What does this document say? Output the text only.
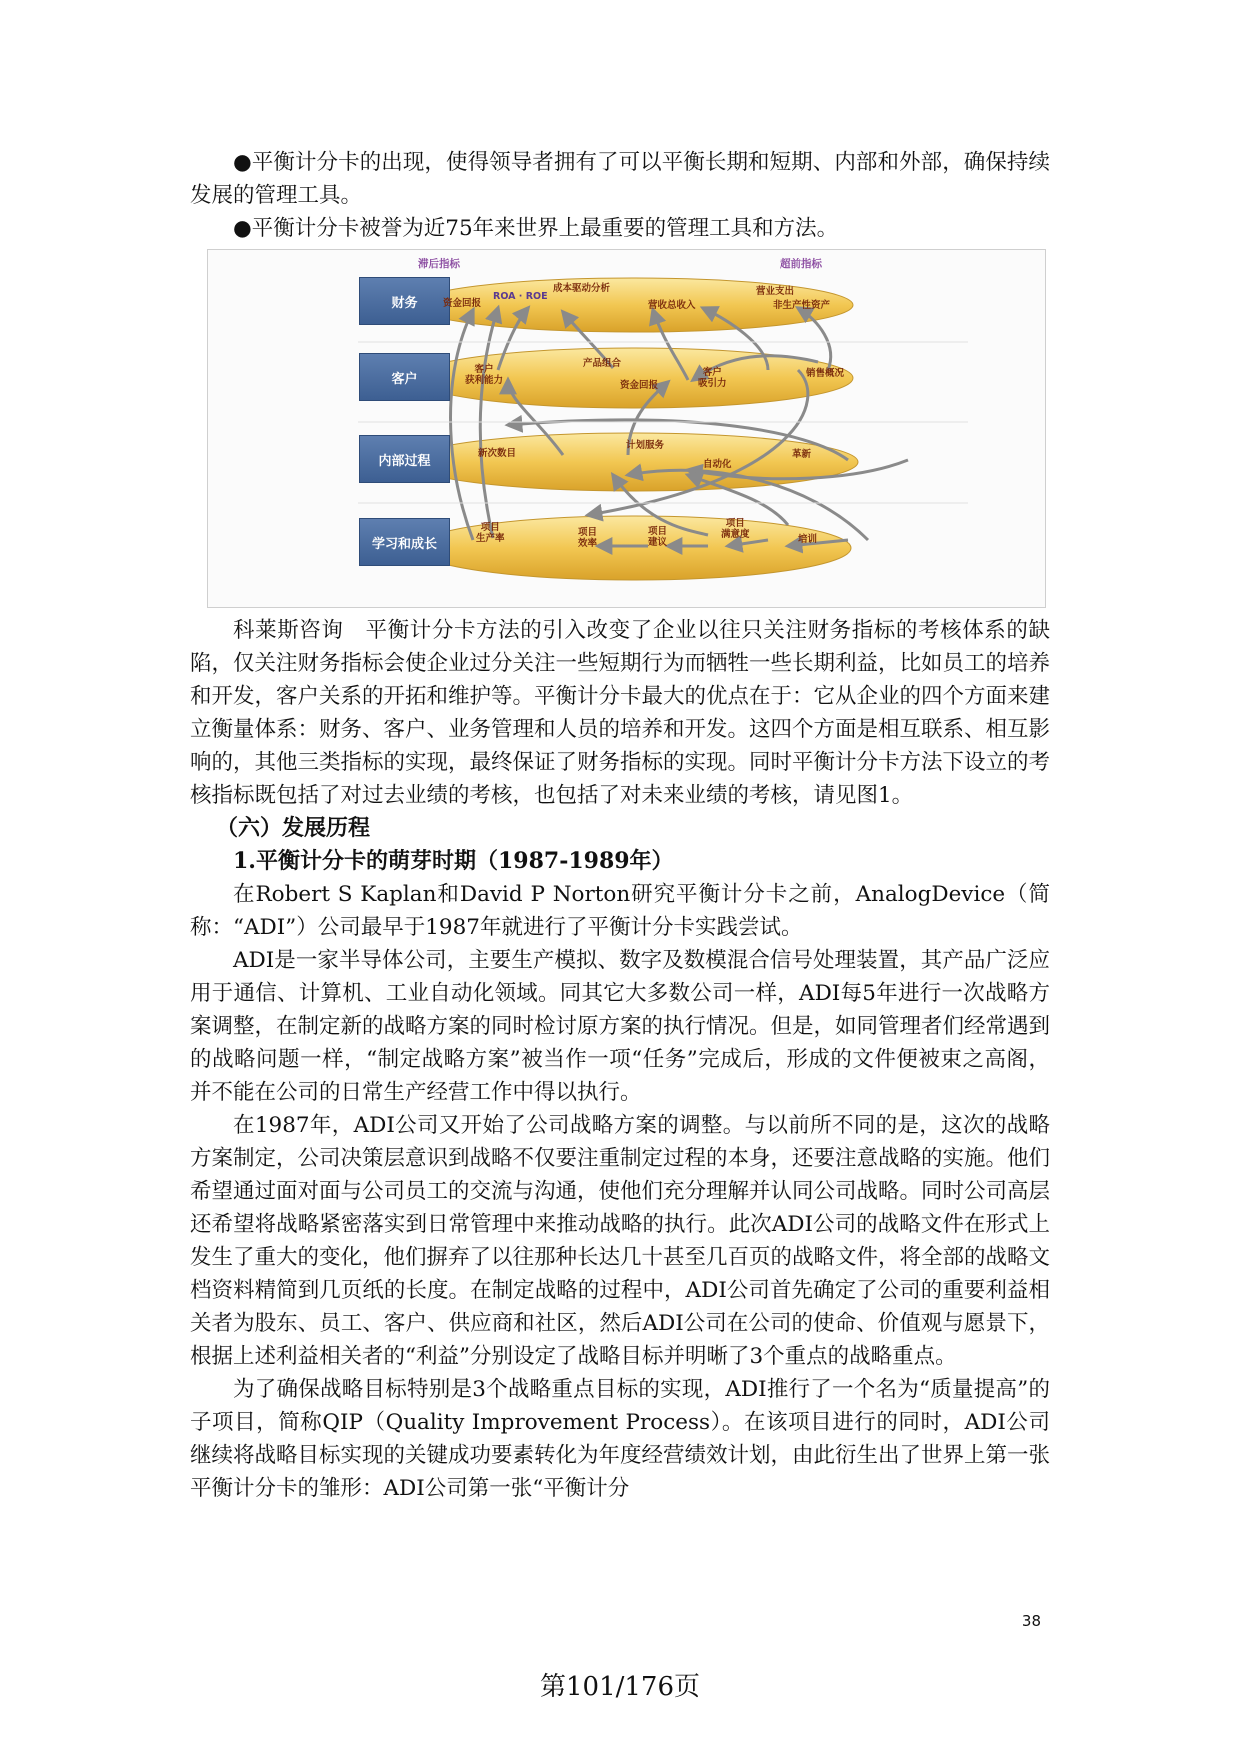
●平衡计分卡的出现，使得领导者拥有了可以平衡长期和短期、内部和外部，确保持续发展的管理工具。

●平衡计分卡被誉为近75年来世界上最重要的管理工具和方法。

滞后指标	超前指标
财务
客户
内部过程
学习和成长
资金回报
ROA · ROE
成本驱动分析
营收总收入
营业支出
非生产性资产
客户
获利能力
产品组合
资金回报
客户
吸引力
销售概况
新次数目
计划服务
自动化
革新
项目
生产率
项目
效率
项目
建议
项目
满意度	培训

科莱斯咨询　平衡计分卡方法的引入改变了企业以往只关注财务指标的考核体系的缺陷，仅关注财务指标会使企业过分关注一些短期行为而牺牲一些长期利益，比如员工的培养和开发，客户关系的开拓和维护等。平衡计分卡最大的优点在于：它从企业的四个方面来建立衡量体系：财务、客户、业务管理和人员的培养和开发。这四个方面是相互联系、相互影响的，其他三类指标的实现，最终保证了财务指标的实现。同时平衡计分卡方法下设立的考核指标既包括了对过去业绩的考核，也包括了对未来业绩的考核，请见图1。

（六）发展历程
1.平衡计分卡的萌芽时期（1987-1989年）

在Robert S Kaplan和David P Norton研究平衡计分卡之前，AnalogDevice（简称：“ADI”）公司最早于1987年就进行了平衡计分卡实践尝试。

ADI是一家半导体公司，主要生产模拟、数字及数模混合信号处理装置，其产品广泛应用于通信、计算机、工业自动化领域。同其它大多数公司一样，ADI每5年进行一次战略方案调整，在制定新的战略方案的同时检讨原方案的执行情况。但是，如同管理者们经常遇到的战略问题一样，“制定战略方案”被当作一项“任务”完成后，形成的文件便被束之高阁，并不能在公司的日常生产经营工作中得以执行。

在1987年，ADI公司又开始了公司战略方案的调整。与以前所不同的是，这次的战略方案制定，公司决策层意识到战略不仅要注重制定过程的本身，还要注意战略的实施。他们希望通过面对面与公司员工的交流与沟通，使他们充分理解并认同公司战略。同时公司高层还希望将战略紧密落实到日常管理中来推动战略的执行。此次ADI公司的战略文件在形式上发生了重大的变化，他们摒弃了以往那种长达几十甚至几百页的战略文件，将全部的战略文档资料精简到几页纸的长度。在制定战略的过程中，ADI公司首先确定了公司的重要利益相关者为股东、员工、客户、供应商和社区，然后ADI公司在公司的使命、价值观与愿景下，根据上述利益相关者的“利益”分别设定了战略目标并明晰了3个重点的战略重点。

为了确保战略目标特别是3个战略重点目标的实现，ADI推行了一个名为“质量提高”的子项目，简称QIP（Quality Improvement Process）。在该项目进行的同时，ADI公司继续将战略目标实现的关键成功要素转化为年度经营绩效计划，由此衍生出了世界上第一张平衡计分卡的雏形：ADI公司第一张“平衡计分

38
第101/176页
